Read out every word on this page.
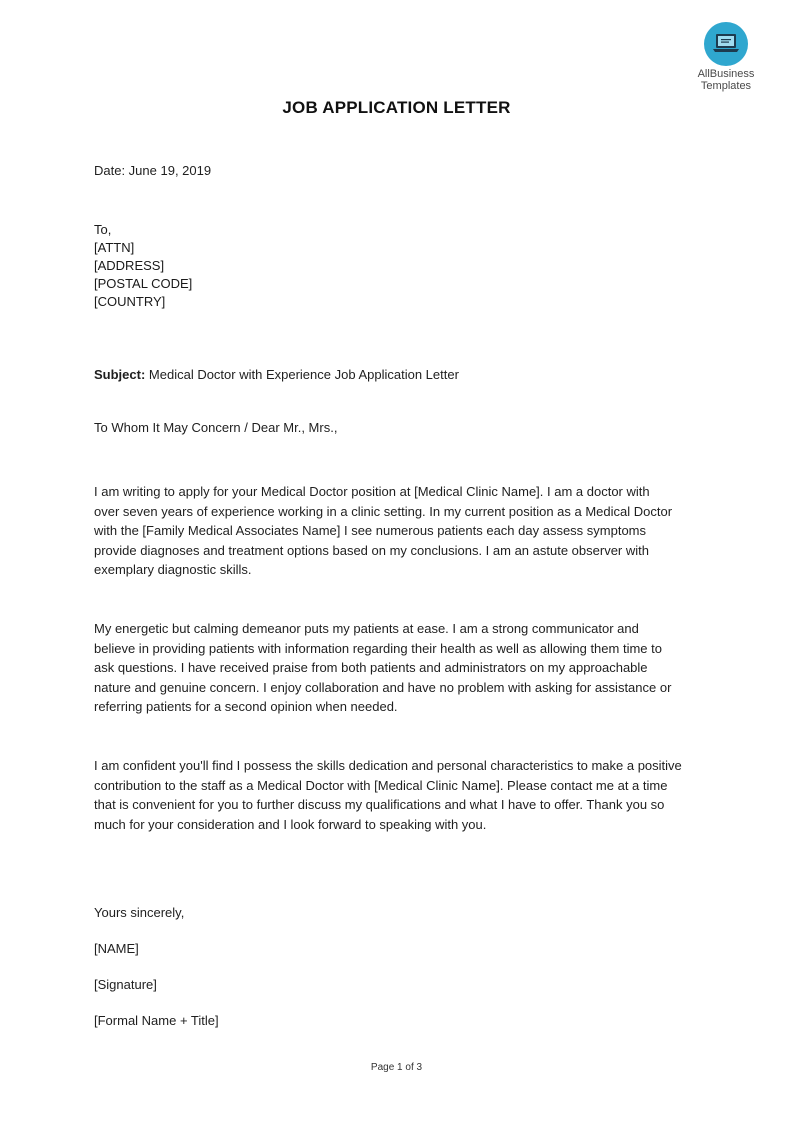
AllBusiness
Templates
JOB APPLICATION LETTER
Date: June 19, 2019
To,
[ATTN]
[ADDRESS]
[POSTAL CODE]
[COUNTRY]
Subject: Medical Doctor with Experience Job Application Letter
To Whom It May Concern / Dear Mr., Mrs.,
I am writing to apply for your Medical Doctor position at [Medical Clinic Name]. I am a doctor with
over seven years of experience working in a clinic setting. In my current position as a Medical Doctor
with the [Family Medical Associates Name] I see numerous patients each day assess symptoms
provide diagnoses and treatment options based on my conclusions. I am an astute observer with
exemplary diagnostic skills.
My energetic but calming demeanor puts my patients at ease. I am a strong communicator and
believe in providing patients with information regarding their health as well as allowing them time to
ask questions. I have received praise from both patients and administrators on my approachable
nature and genuine concern. I enjoy collaboration and have no problem with asking for assistance or
referring patients for a second opinion when needed.
I am confident you'll find I possess the skills dedication and personal characteristics to make a positive
contribution to the staff as a Medical Doctor with [Medical Clinic Name]. Please contact me at a time
that is convenient for you to further discuss my qualifications and what I have to offer. Thank you so
much for your consideration and I look forward to speaking with you.
Yours sincerely,
[NAME]
[Signature]
[Formal Name + Title]
Page 1 of 3
